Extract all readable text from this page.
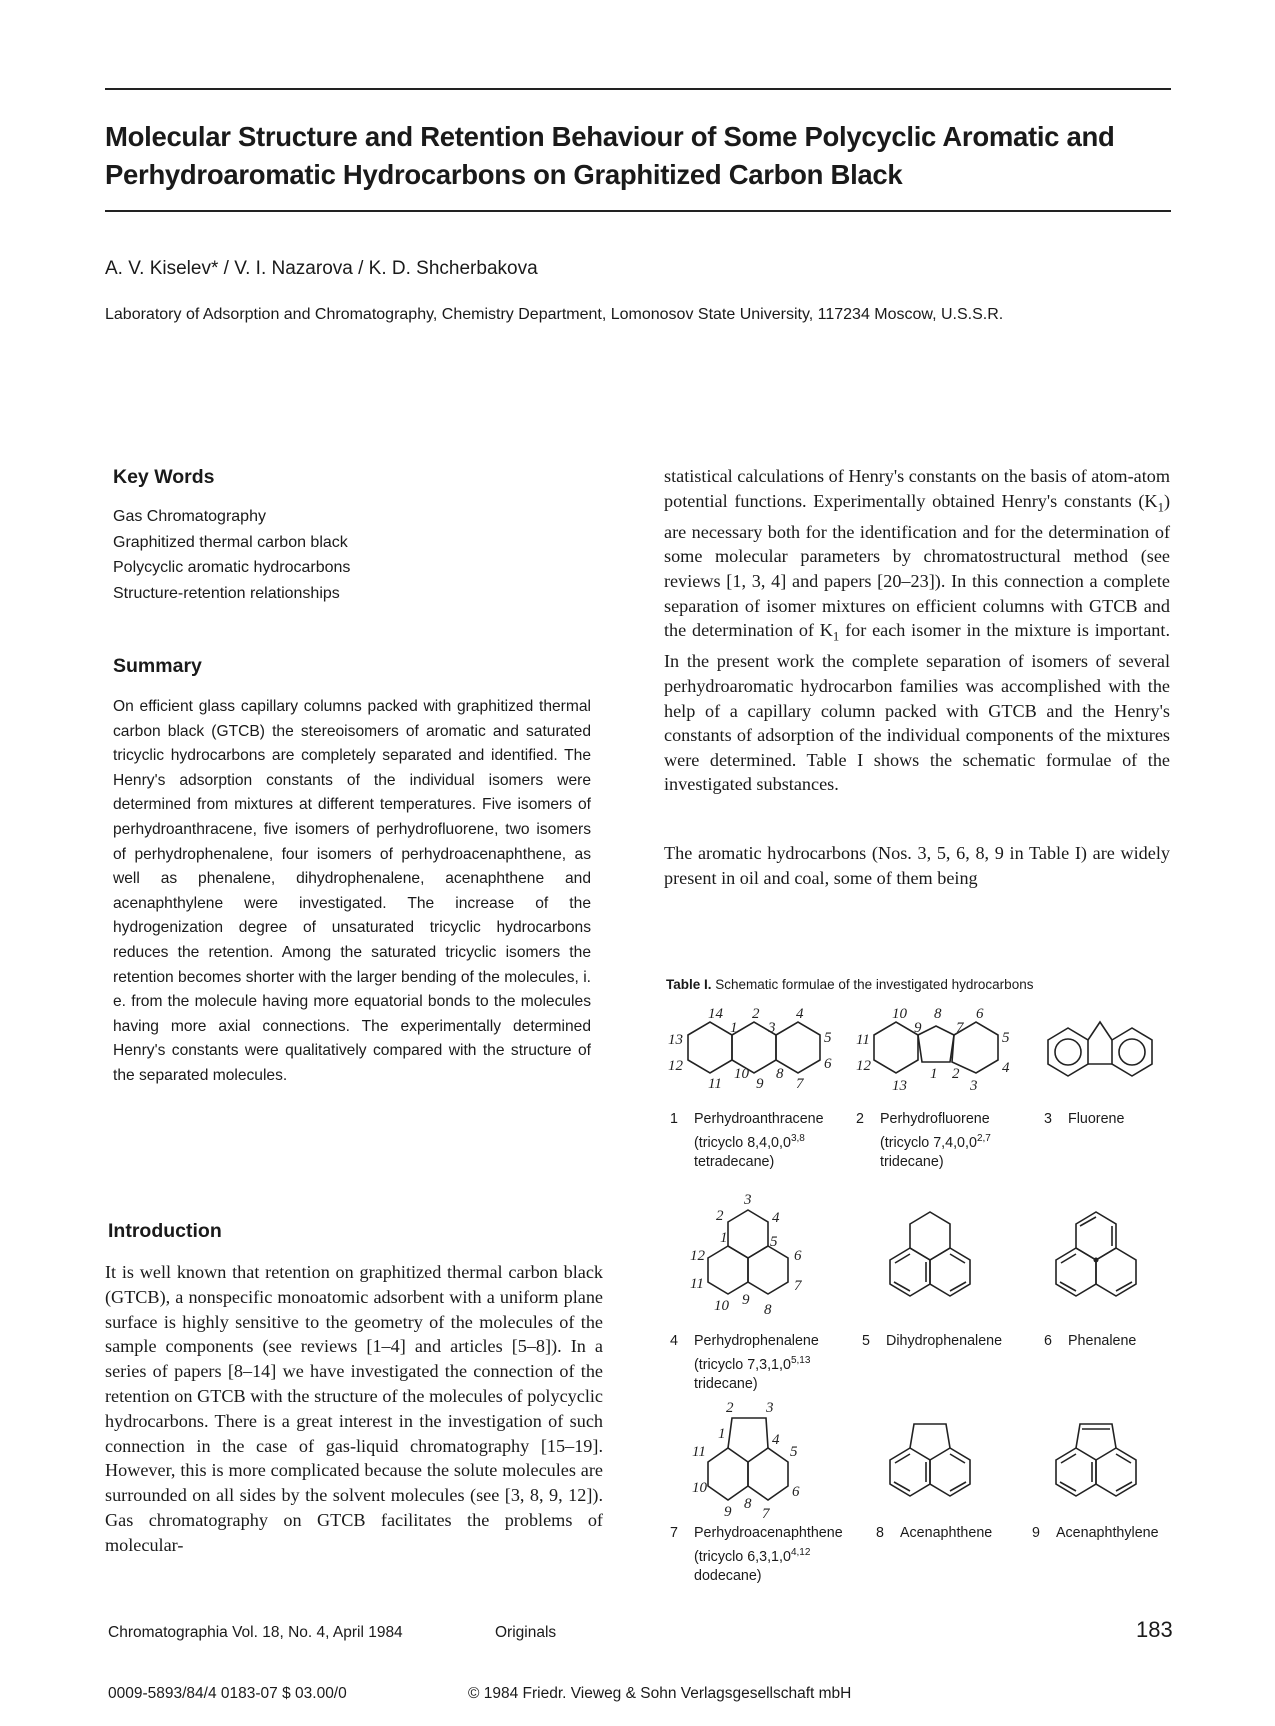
Molecular Structure and Retention Behaviour of Some Polycyclic Aromatic and Perhydroaromatic Hydrocarbons on Graphitized Carbon Black
A. V. Kiselev* / V. I. Nazarova / K. D. Shcherbakova
Laboratory of Adsorption and Chromatography, Chemistry Department, Lomonosov State University, 117234 Moscow, U.S.S.R.
Key Words
Gas Chromatography
Graphitized thermal carbon black
Polycyclic aromatic hydrocarbons
Structure-retention relationships
Summary

On efficient glass capillary columns packed with graphitized thermal carbon black (GTCB) the stereoisomers of aromatic and saturated tricyclic hydrocarbons are completely separated and identified. The Henry's adsorption constants of the individual isomers were determined from mixtures at different temperatures. Five isomers of perhydroanthracene, five isomers of perhydrofluorene, two isomers of perhydrophenalene, four isomers of perhydroacenaphthene, as well as phenalene, dihydrophenalene, acenaphthene and acenaphthylene were investigated. The increase of the hydrogenization degree of unsaturated tricyclic hydrocarbons reduces the retention. Among the saturated tricyclic isomers the retention becomes shorter with the larger bending of the molecules, i. e. from the molecule having more equatorial bonds to the molecules having more axial connections. The experimentally determined Henry's constants were qualitatively compared with the structure of the separated molecules.

Introduction

It is well known that retention on graphitized thermal carbon black (GTCB), a nonspecific monoatomic adsorbent with a uniform plane surface is highly sensitive to the geometry of the molecules of the sample components (see reviews [1–4] and articles [5–8]). In a series of papers [8–14] we have investigated the connection of the retention on GTCB with the structure of the molecules of polycyclic hydrocarbons. There is a great interest in the investigation of such connection in the case of gas-liquid chromatography [15–19]. However, this is more complicated because the solute molecules are surrounded on all sides by the solvent molecules (see [3, 8, 9, 12]). Gas chromatography on GTCB facilitates the problems of molecular-

statistical calculations of Henry's constants on the basis of atom-atom potential functions. Experimentally obtained Henry's constants $(K_1)$ are necessary both for the identification and for the determination of some molecular parameters by chromatostructural method (see reviews [1, 3, 4] and papers [20–23]). In this connection a complete separation of isomer mixtures on efficient columns with GTCB and the determination of $K_1$ for each isomer in the mixture is important. In the present work the complete separation of isomers of several perhydroaromatic hydrocarbon families was accomplished with the help of a capillary column packed with GTCB and the Henry's constants of adsorption of the individual components of the mixtures were determined. Table I shows the schematic formulae of the investigated substances.

The aromatic hydrocarbons (Nos. 3, 5, 6, 8, 9 in Table I) are widely present in oil and coal, some of them being

Table I. Schematic formulae of the investigated hydrocarbons
14
1
2
3
4
5
6
7
8
9
10
11
12
13
10
9
8
7
6
5
4
3
2
1
13
12
11
1 Perhydroanthracene
(tricyclo 8,4,0,0$^{3,8}$
tetradecane)
2 Perhydrofluorene
(tricyclo 7,4,0,0$^{2,7}$
tridecane)
3 Fluorene
3
2	4
1	5
12	6
11	7
10 9
8
4 Perhydrophenalene
(tricyclo 7,3,1,0$^{5,13}$
tridecane)
5 Dihydrophenalene	6 Phenalene
2 3
1	4
11	5
10	6
9 8
7
7 Perhydroacenaphthene
(tricyclo 6,3,1,0$^{4,12}$
dodecane)
8 Acenaphthene	9 Acenaphthylene
Chromatographia Vol. 18, No. 4, April 1984	Originals	183
0009-5893/84/4 0183-07 $ 03.00/0	© 1984 Friedr. Vieweg & Sohn Verlagsgesellschaft mbH
